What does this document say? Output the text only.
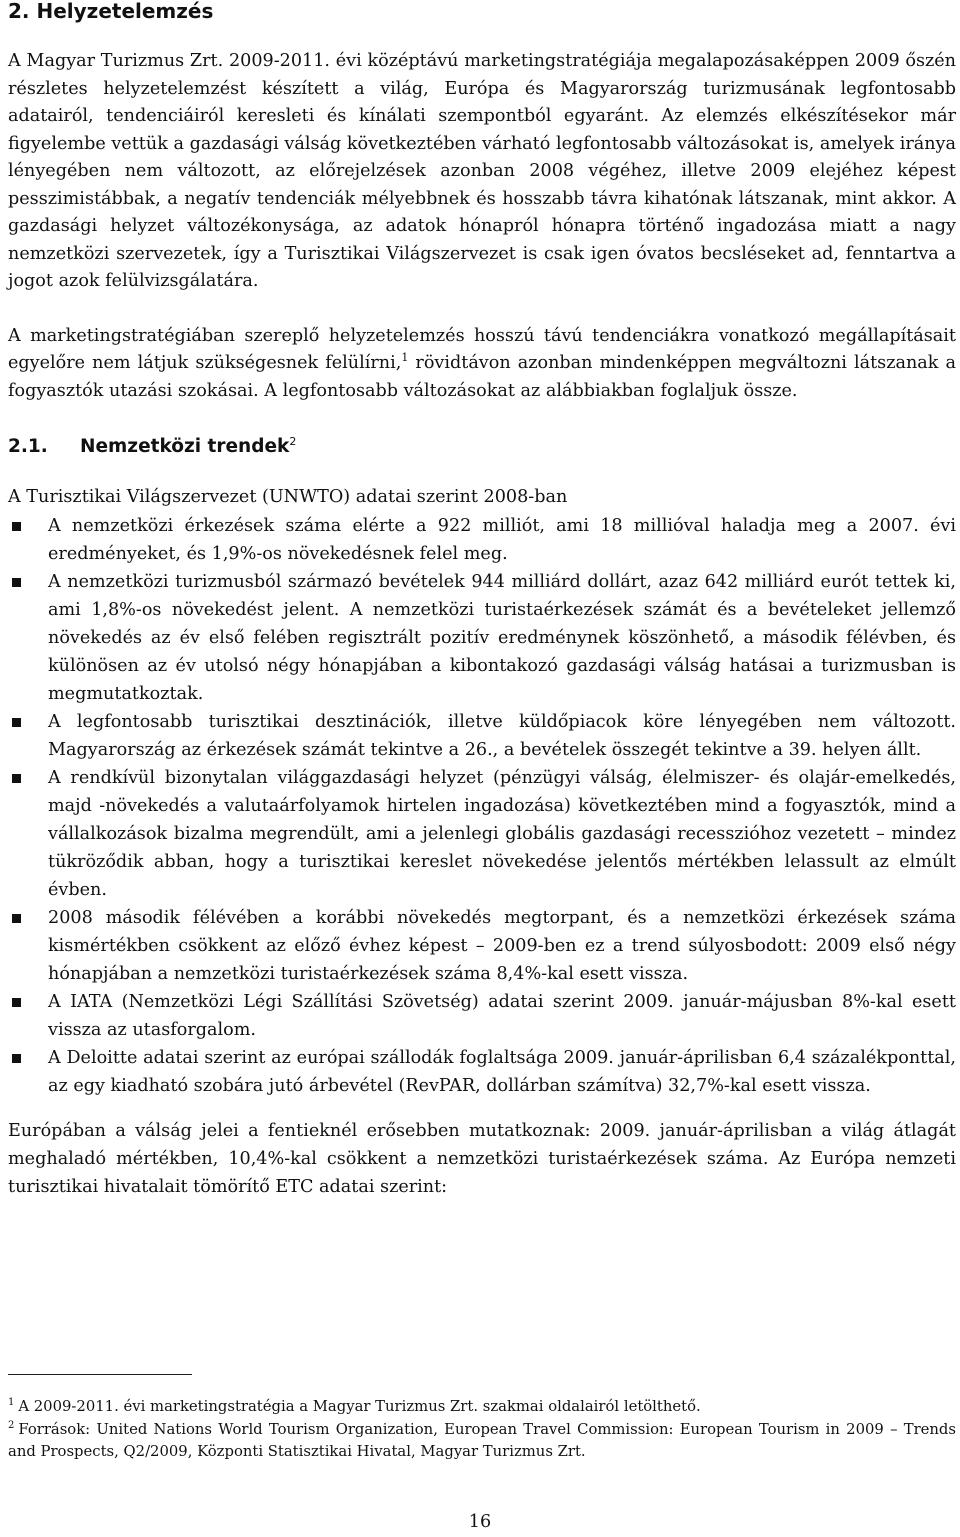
2. Helyzetelemzés

A Magyar Turizmus Zrt. 2009-2011. évi középtávú marketingstratégiája megalapozásaképpen 2009 őszén részletes helyzetelemzést készített a világ, Európa és Magyarország turizmusának legfontosabb adatairól, tendenciáiról keresleti és kínálati szempontból egyaránt. Az elemzés elkészítésekor már figyelembe vettük a gazdasági válság következtében várható legfontosabb változásokat is, amelyek iránya lényegében nem változott, az előrejelzések azonban 2008 végéhez, illetve 2009 elejéhez képest pesszimistábbak, a negatív tendenciák mélyebbnek és hosszabb távra kihatónak látszanak, mint akkor. A gazdasági helyzet változékonysága, az adatok hónapról hónapra történő ingadozása miatt a nagy nemzetközi szervezetek, így a Turisztikai Világszervezet is csak igen óvatos becsléseket ad, fenntartva a jogot azok felülvizsgálatára.

A marketingstratégiában szereplő helyzetelemzés hosszú távú tendenciákra vonatkozó megállapításait egyelőre nem látjuk szükségesnek felülírni,$^1$ rövidtávon azonban mindenképpen megváltozni látszanak a fogyasztók utazási szokásai. A legfontosabb változásokat az alábbiakban foglaljuk össze.

2.1. Nemzetközi trendek$^2$
A Turisztikai Világszervezet (UNWTO) adatai szerint 2008-ban
A nemzetközi érkezések száma elérte a 922 milliót, ami 18 millióval haladja meg a 2007. évi eredményeket, és 1,9%-os növekedésnek felel meg.
A nemzetközi turizmusból származó bevételek 944 milliárd dollárt, azaz 642 milliárd eurót tettek ki, ami 1,8%-os növekedést jelent. A nemzetközi turistaérkezések számát és a bevételeket jellemző növekedés az év első felében regisztrált pozitív eredménynek köszönhető, a második félévben, és különösen az év utolsó négy hónapjában a kibontakozó gazdasági válság hatásai a turizmusban is megmutatkoztak.
A legfontosabb turisztikai desztinációk, illetve küldőpiacok köre lényegében nem változott. Magyarország az érkezések számát tekintve a 26., a bevételek összegét tekintve a 39. helyen állt.
A rendkívül bizonytalan világgazdasági helyzet (pénzügyi válság, élelmiszer- és olajár-emelkedés, majd -növekedés a valutaárfolyamok hirtelen ingadozása) következtében mind a fogyasztók, mind a vállalkozások bizalma megrendült, ami a jelenlegi globális gazdasági recesszióhoz vezetett – mindez tükröződik abban, hogy a turisztikai kereslet növekedése jelentős mértékben lelassult az elmúlt évben.
2008 második félévében a korábbi növekedés megtorpant, és a nemzetközi érkezések száma kismértékben csökkent az előző évhez képest – 2009-ben ez a trend súlyosbodott: 2009 első négy hónapjában a nemzetközi turistaérkezések száma 8,4%-kal esett vissza.
A IATA (Nemzetközi Légi Szállítási Szövetség) adatai szerint 2009. január-májusban 8%-kal esett vissza az utasforgalom.
A Deloitte adatai szerint az európai szállodák foglaltsága 2009. január-áprilisban 6,4 százalékponttal, az egy kiadható szobára jutó árbevétel (RevPAR, dollárban számítva) 32,7%-kal esett vissza.

Európában a válság jelei a fentieknél erősebben mutatkoznak: 2009. január-áprilisban a világ átlagát meghaladó mértékben, 10,4%-kal csökkent a nemzetközi turistaérkezések száma. Az Európa nemzeti turisztikai hivatalait tömörítő ETC adatai szerint:

$^1$ A 2009-2011. évi marketingstratégia a Magyar Turizmus Zrt. szakmai oldalairól letölthető.

$^2$ Források: United Nations World Tourism Organization, European Travel Commission: European Tourism in 2009 – Trends and Prospects, Q2/2009, Központi Statisztikai Hivatal, Magyar Turizmus Zrt.

16
